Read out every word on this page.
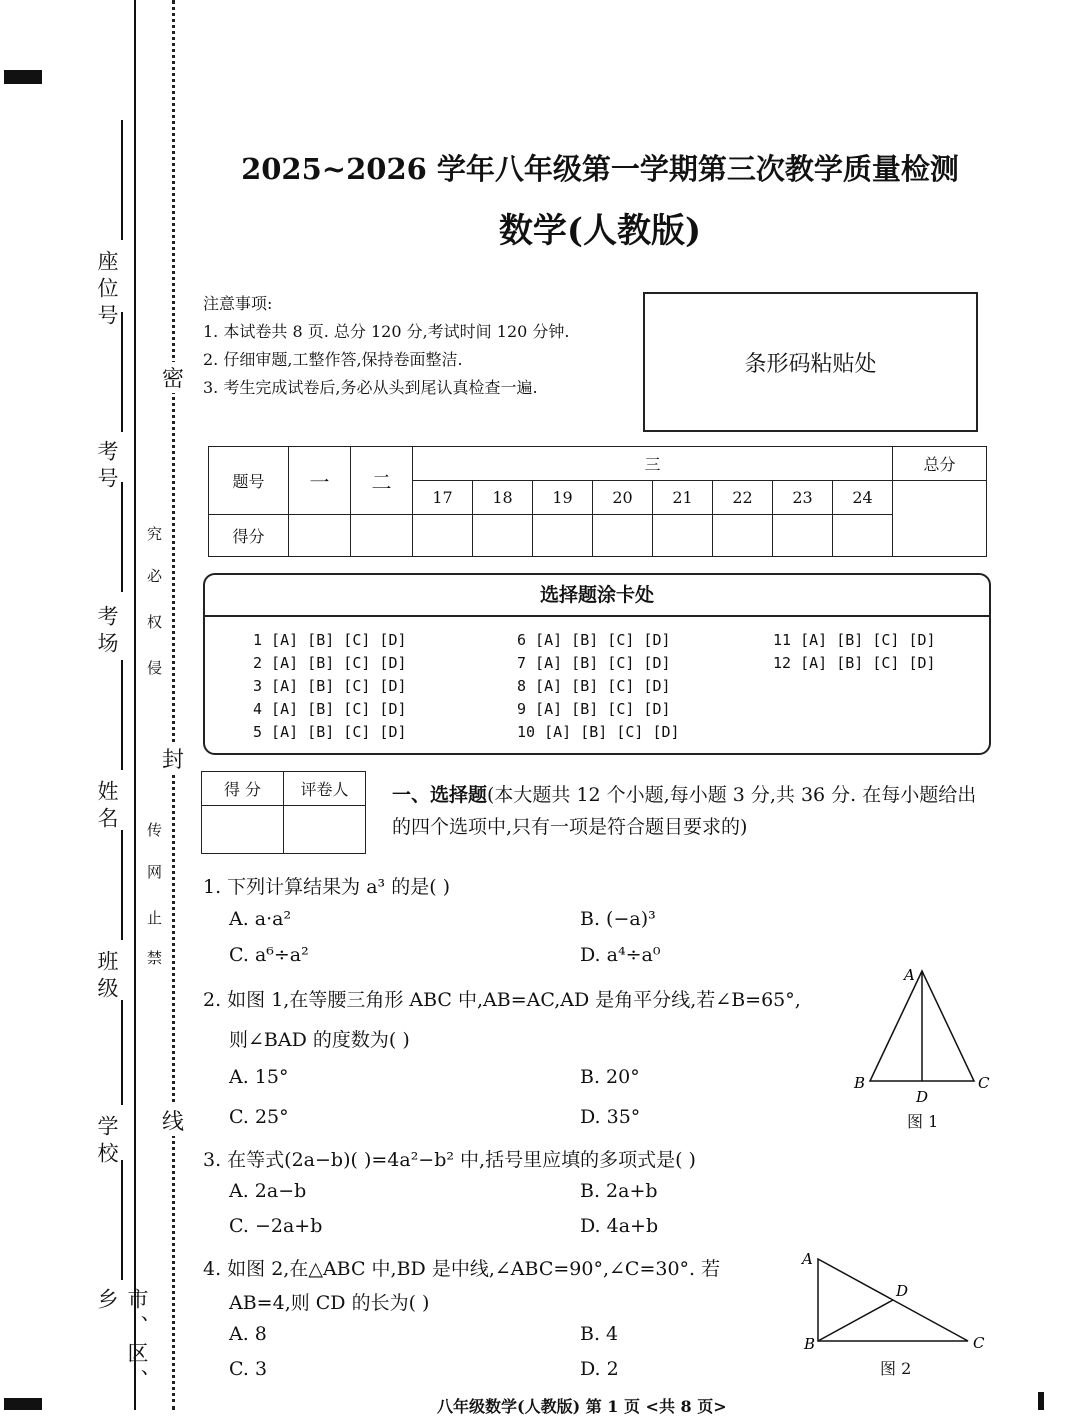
座位号
考号
考场
姓名
班级
学校
市、区、乡
密
封
线
究
必
权
侵
传
网
止
禁
2025~2026 学年八年级第一学期第三次教学质量检测
数学(人教版)
注意事项:
1. 本试卷共 8 页. 总分 120 分,考试时间 120 分钟.
2. 仔细审题,工整作答,保持卷面整洁.
3. 考生完成试卷后,务必从头到尾认真检查一遍.
条形码粘贴处
题号	一	二	三								总分
			17	18	19	20	21	22	23	24	
得分											
选择题涂卡处
1 [A] [B] [C] [D]
2 [A] [B] [C] [D]
3 [A] [B] [C] [D]
4 [A] [B] [C] [D]
5 [A] [B] [C] [D]
6 [A] [B] [C] [D]
7 [A] [B] [C] [D]
8 [A] [B] [C] [D]
9 [A] [B] [C] [D]
10 [A] [B] [C] [D]
11 [A] [B] [C] [D]
12 [A] [B] [C] [D]
得 分	评卷人
	一、选择题(本大题共 12 个小题,每小题 3 分,共 36 分. 在每小题给出的四个选项中,只有一项是符合题目要求的)
1. 下列计算结果为 a³ 的是( )
A. a·a²	B. (−a)³
C. a⁶÷a²	D. a⁴÷a⁰
2. 如图 1,在等腰三角形 ABC 中,AB=AC,AD 是角平分线,若∠B=65°,
则∠BAD 的度数为( )
A. 15°	B. 20°
C. 25°	D. 35°
A
B	C
D
图 1
3. 在等式(2a−b)( )=4a²−b² 中,括号里应填的多项式是( )
A. 2a−b	B. 2a+b
C. −2a+b	D. 4a+b
4. 如图 2,在△ABC 中,BD 是中线,∠ABC=90°,∠C=30°. 若
AB=4,则 CD 的长为( )
A. 8	B. 4
C. 3	D. 2
A
B	C
D
图 2
八年级数学(人教版) 第 1 页 <共 8 页>
